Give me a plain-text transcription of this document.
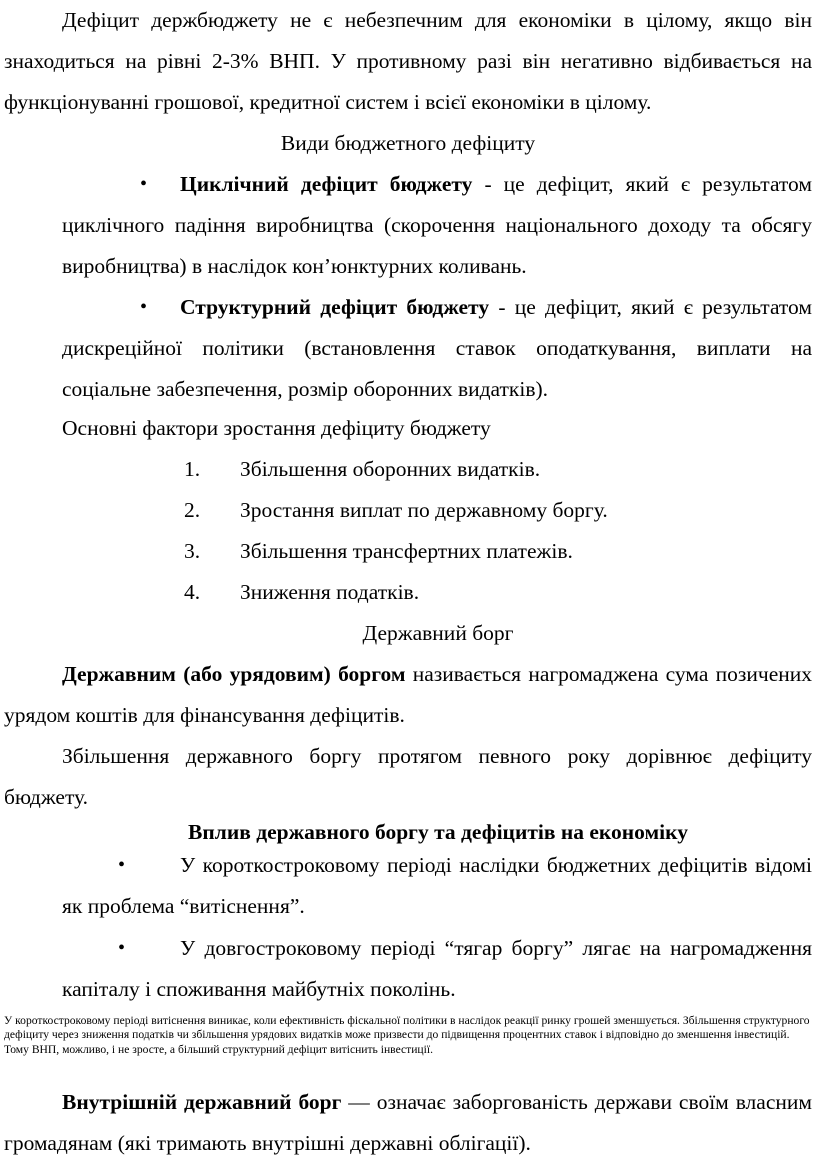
Дефіцит держбюджету не є небезпечним для економіки в цілому, якщо він знаходиться на рівні 2-3% ВНП. У противному разі він негативно відбивається на функціонуванні грошової, кредитної систем і всієї економіки в цілому.

Види бюджетного дефіциту

•	Циклічний дефіцит бюджету - це дефіцит, який є результатом циклічного падіння виробництва (скорочення національного доходу та обсягу виробництва) в наслідок кон’юнктурних коливань.

•	Структурний дефіцит бюджету - це дефіцит, який є результатом дискреційної політики (встановлення ставок оподаткування, виплати на соціальне забезпечення, розмір оборонних видатків).

Основні фактори зростання дефіциту бюджету

1. Збільшення оборонних видатків.
2. Зростання виплат по державному боргу.
3. Збільшення трансфертних платежів.
4. Зниження податків.

Державний борг

Державним (або урядовим) боргом називається нагромаджена сума позичених урядом коштів для фінансування дефіцитів.

Збільшення державного боргу протягом певного року дорівнює дефіциту бюджету.

Вплив державного боргу та дефіцитів на економіку

•	У короткостроковому періоді наслідки бюджетних дефіцитів відомі як проблема “витіснення”.

•	У довгостроковому періоді “тягар боргу” лягає на нагромадження капіталу і споживання майбутніх поколінь.

У короткостроковому періоді витіснення виникає, коли ефективність фіскальної політики в наслідок реакції ринку грошей зменшується. Збільшення структурного дефіциту через зниження податків чи збільшення урядових видатків може призвести до підвищення процентних ставок і відповідно до зменшення інвестицій. Тому ВНП, можливо, і не зросте, а більший структурний дефіцит витіснить інвестиції.

Внутрішній державний борг — означає заборгованість держави своїм власним громадянам (які тримають внутрішні державні облігації).
